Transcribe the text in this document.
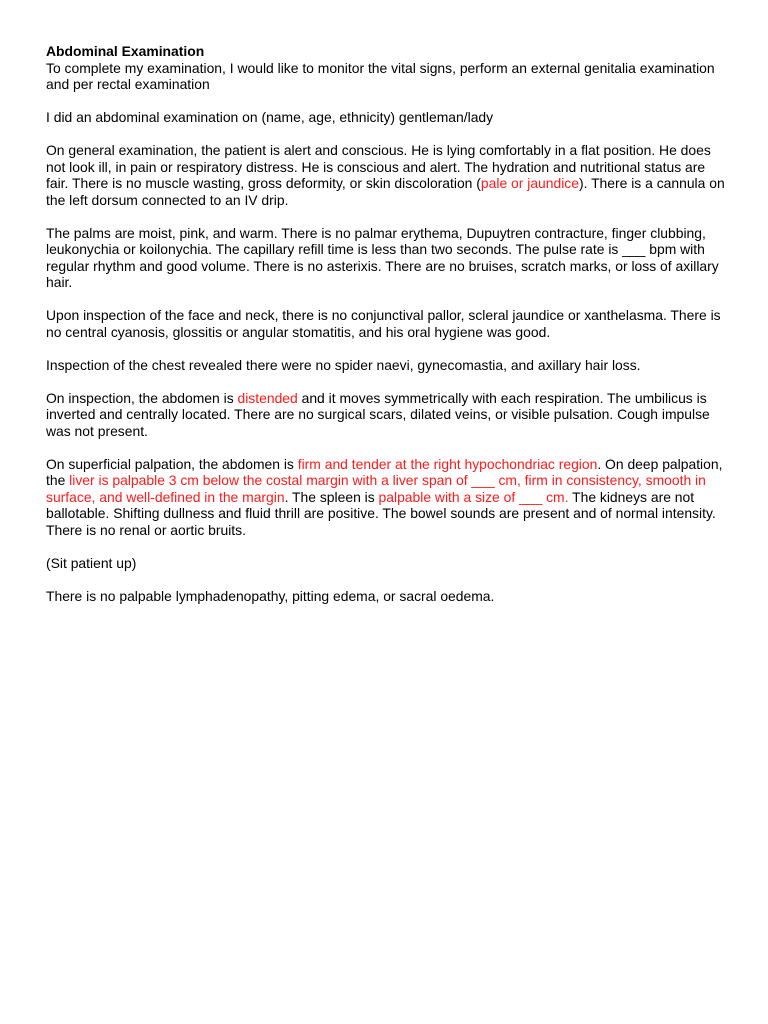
Abdominal Examination

To complete my examination, I would like to monitor the vital signs, perform an external genitalia examination and per rectal examination

I did an abdominal examination on (name, age, ethnicity) gentleman/lady

On general examination, the patient is alert and conscious. He is lying comfortably in a flat position. He does not look ill, in pain or respiratory distress. He is conscious and alert. The hydration and nutritional status are fair. There is no muscle wasting, gross deformity, or skin discoloration (pale or jaundice). There is a cannula on the left dorsum connected to an IV drip.

The palms are moist, pink, and warm. There is no palmar erythema, Dupuytren contracture, finger clubbing, leukonychia or koilonychia. The capillary refill time is less than two seconds. The pulse rate is ___ bpm with regular rhythm and good volume. There is no asterixis. There are no bruises, scratch marks, or loss of axillary hair.

Upon inspection of the face and neck, there is no conjunctival pallor, scleral jaundice or xanthelasma. There is no central cyanosis, glossitis or angular stomatitis, and his oral hygiene was good.

Inspection of the chest revealed there were no spider naevi, gynecomastia, and axillary hair loss.

On inspection, the abdomen is distended and it moves symmetrically with each respiration. The umbilicus is inverted and centrally located. There are no surgical scars, dilated veins, or visible pulsation. Cough impulse was not present.

On superficial palpation, the abdomen is firm and tender at the right hypochondriac region. On deep palpation, the liver is palpable 3 cm below the costal margin with a liver span of ___ cm, firm in consistency, smooth in surface, and well-defined in the margin. The spleen is palpable with a size of ___ cm. The kidneys are not ballotable. Shifting dullness and fluid thrill are positive. The bowel sounds are present and of normal intensity. There is no renal or aortic bruits.

(Sit patient up)

There is no palpable lymphadenopathy, pitting edema, or sacral oedema.
